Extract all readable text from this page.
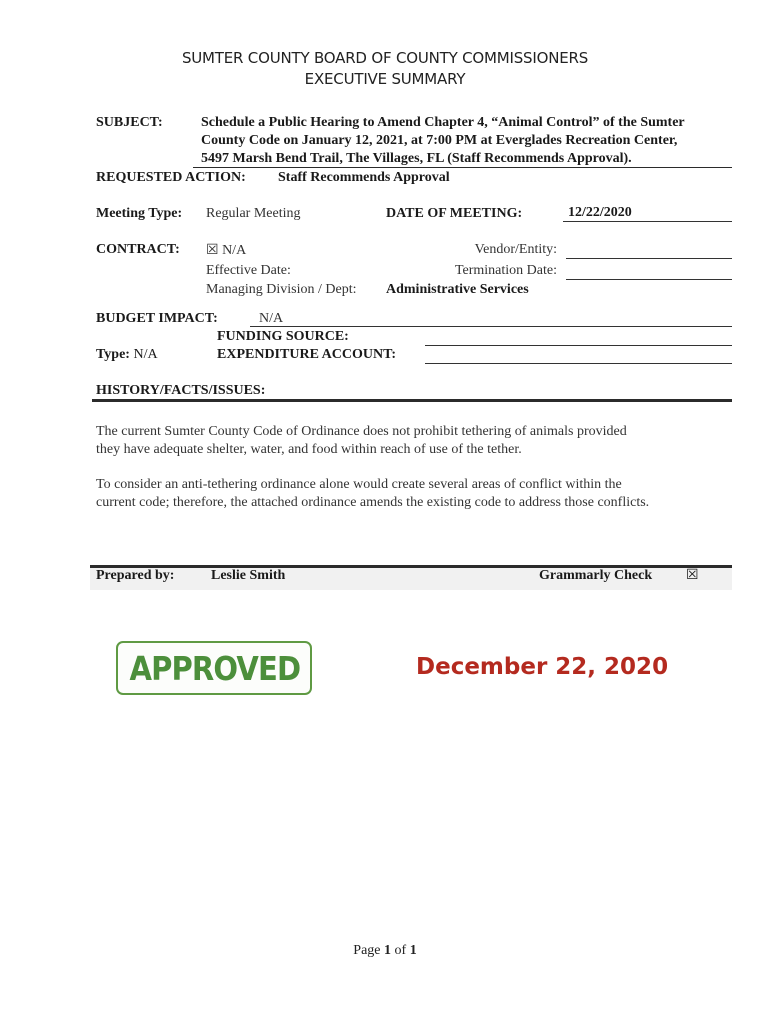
SUMTER COUNTY BOARD OF COUNTY COMMISSIONERS
EXECUTIVE SUMMARY
SUBJECT:	Schedule a Public Hearing to Amend Chapter 4, “Animal Control” of the Sumter
County Code on January 12, 2021, at 7:00 PM at Everglades Recreation Center,
5497 Marsh Bend Trail, The Villages, FL (Staff Recommends Approval).
REQUESTED ACTION: Staff Recommends Approval
Meeting Type: Regular Meeting	DATE OF MEETING:	12/22/2020
CONTRACT: ☒ N/A	Vendor/Entity:
Effective Date:	Termination Date:
Managing Division / Dept: Administrative Services
BUDGET IMPACT:	N/A
FUNDING SOURCE:
Type: N/A	EXPENDITURE ACCOUNT:
HISTORY/FACTS/ISSUES:
The current Sumter County Code of Ordinance does not prohibit tethering of animals provided
they have adequate shelter, water, and food within reach of use of the tether.
To consider an anti-tethering ordinance alone would create several areas of conflict within the
current code; therefore, the attached ordinance amends the existing code to address those conflicts.
Prepared by:	Leslie Smith	Grammarly Check ☒
APPROVED	December 22, 2020
Page 1 of 1
